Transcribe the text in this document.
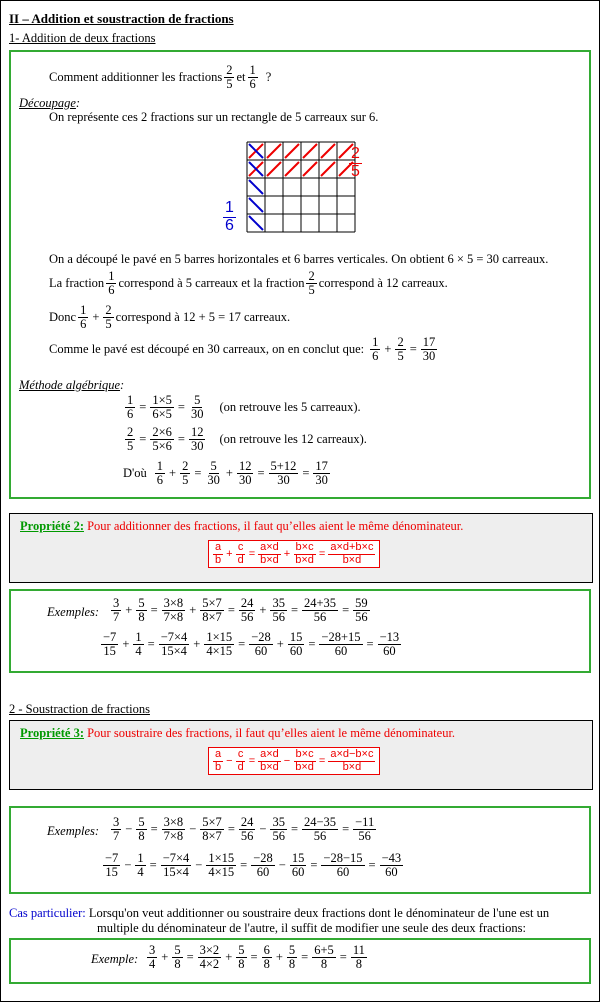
II – Addition et soustraction de fractions
1- Addition de deux fractions
Comment additionner les fractions $\frac{2}{5}$ et $\frac{1}{6}$ ?
Découpage:
On représente ces 2 fractions sur un rectangle de 5 carreaux sur 6.
$\frac{2}{5}$
$\frac{1}{6}$
On a découpé le pavé en 5 barres horizontales et 6 barres verticales. On obtient 6 × 5 = 30 carreaux.
La fraction $\frac{1}{6}$ correspond à 5 carreaux et la fraction $\frac{2}{5}$ correspond à 12 carreaux.
Donc $\frac{1}{6} + \frac{2}{5}$ correspond à 12 + 5 = 17 carreaux.
Comme le pavé est découpé en 30 carreaux, on en conclut que: $\frac{1}{6} + \frac{2}{5} = \frac{17}{30}$
Méthode algébrique:
$\frac{1}{6} = \frac{1\times 5}{6\times 5} = \frac{5}{30} (on$ retrouve les 5 carreaux).
$\frac{2}{5} = \frac{2\times 6}{5\times 6} = \frac{12}{30} (on$ retrouve les 12 carreaux).
D'où $\frac{1}{6} + \frac{2}{5} = \frac{5}{30} + \frac{12}{30} = \frac{5+12}{30} = \frac{17}{30}$
Propriété 2: Pour additionner des fractions, il faut qu’elles aient le même dénominateur.
$\frac{a}{b} + \frac{c}{d} = \frac{a\times d}{b\times d} + \frac{b\times c}{b\times d} = \frac{a\times d+b\times c}{b\times d}$
Exemples: $\frac{3}{7} + \frac{5}{8} = \frac{3\times 8}{7\times 8} + \frac{5\times 7}{8\times 7} = \frac{24}{56} + \frac{35}{56} = \frac{24+35}{56} = \frac{59}{56}$
$\frac{-7}{15} + \frac{1}{4} = \frac{-7\times 4}{15\times 4} + \frac{1\times 15}{4\times 15} = \frac{-28}{60} + \frac{15}{60} = \frac{-28+15}{60} = \frac{-13}{60}$
2 - Soustraction de fractions
Propriété 3: Pour soustraire des fractions, il faut qu’elles aient le même dénominateur.
$\frac{a}{b} - \frac{c}{d} = \frac{a\times d}{b\times d} - \frac{b\times c}{b\times d} = \frac{a\times d-b\times c}{b\times d}$
Exemples: $\frac{3}{7} - \frac{5}{8} = \frac{3\times 8}{7\times 8} - \frac{5\times 7}{8\times 7} = \frac{24}{56} - \frac{35}{56} = \frac{24-35}{56} = \frac{-11}{56}$
$\frac{-7}{15} - \frac{1}{4} = \frac{-7\times 4}{15\times 4} - \frac{1\times 15}{4\times 15} = \frac{-28}{60} - \frac{15}{60} = \frac{-28-15}{60} = \frac{-43}{60}$
Cas particulier: Lorsqu'on veut additionner ou soustraire deux fractions dont le dénominateur de l'une est un
multiple du dénominateur de l'autre, il suffit de modifier une seule des deux fractions:
Exemple: $\frac{3}{4} + \frac{5}{8} = \frac{3\times 2}{4\times 2} + \frac{5}{8} = \frac{6}{8} + \frac{5}{8} = \frac{6+5}{8} = \frac{11}{8}$
